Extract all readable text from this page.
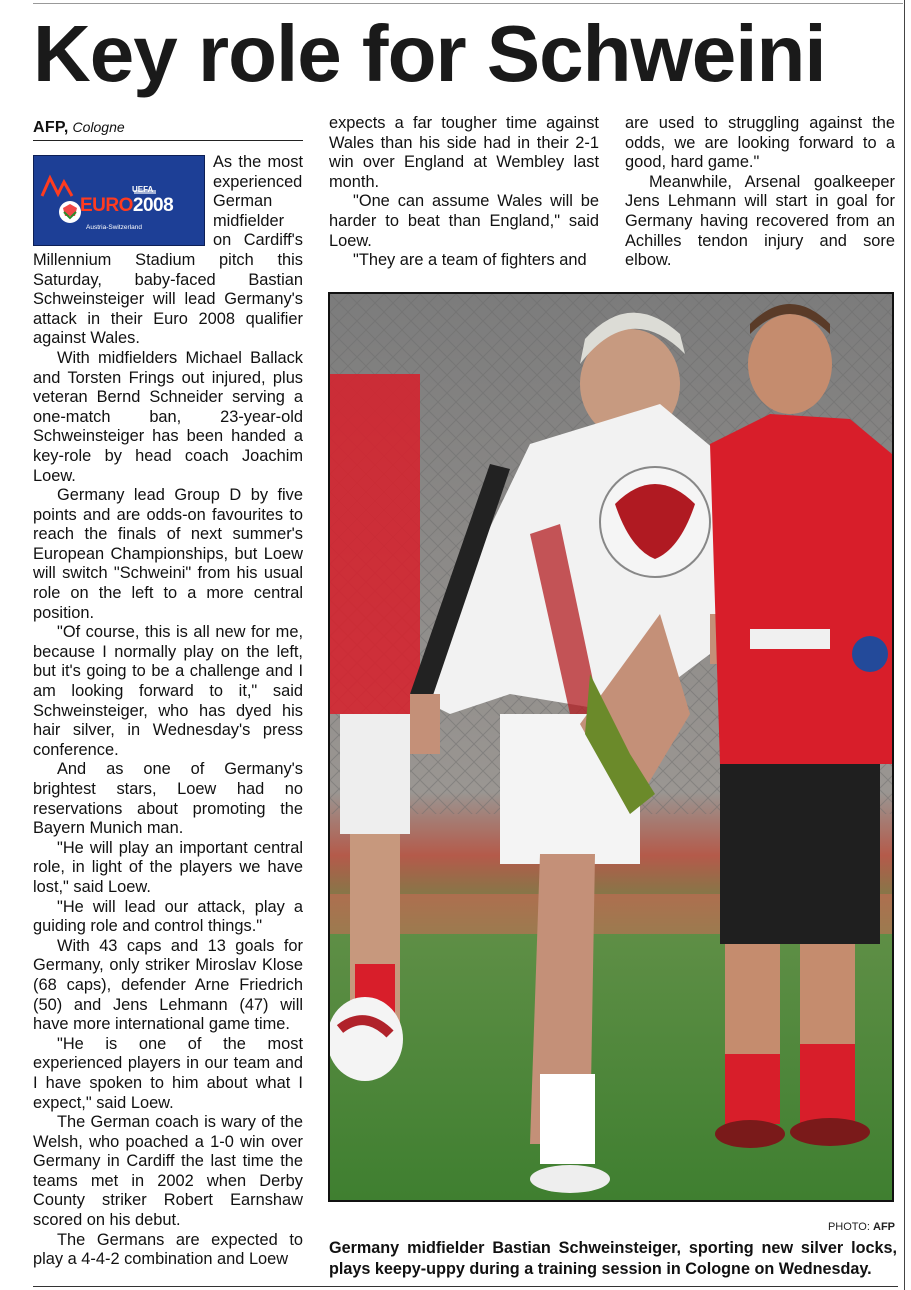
Key role for Schweini
AFP, Cologne
UEFA
EURO2008
Austria-Switzerland

As the most experienced German midfielder on Cardiff's Millennium Stadium pitch this Saturday, baby-faced Bastian Schweinsteiger will lead Germany's attack in their Euro 2008 qualifier against Wales.

With midfielders Michael Ballack and Torsten Frings out injured, plus veteran Bernd Schneider serving a one-match ban, 23-year-old Schweinsteiger has been handed a key-role by head coach Joachim Loew.

Germany lead Group D by five points and are odds-on favourites to reach the finals of next summer's European Championships, but Loew will switch "Schweini" from his usual role on the left to a more central position.

"Of course, this is all new for me, because I normally play on the left, but it's going to be a challenge and I am looking forward to it," said Schweinsteiger, who has dyed his hair silver, in Wednesday's press conference.

And as one of Germany's brightest stars, Loew had no reservations about promoting the Bayern Munich man.

"He will play an important central role, in light of the players we have lost," said Loew.

"He will lead our attack, play a guiding role and control things."

With 43 caps and 13 goals for Germany, only striker Miroslav Klose (68 caps), defender Arne Friedrich (50) and Jens Lehmann (47) will have more international game time.

"He is one of the most experienced players in our team and I have spoken to him about what I expect," said Loew.

The German coach is wary of the Welsh, who poached a 1-0 win over Germany in Cardiff the last time the teams met in 2002 when Derby County striker Robert Earnshaw scored on his debut.

The Germans are expected to play a 4-4-2 combination and Loew

expects a far tougher time against Wales than his side had in their 2-1 win over England at Wembley last month.

"One can assume Wales will be harder to beat than England," said Loew.

"They are a team of fighters and

are used to struggling against the odds, we are looking forward to a good, hard game."

Meanwhile, Arsenal goalkeeper Jens Lehmann will start in goal for Germany having recovered from an Achilles tendon injury and sore elbow.

PHOTO: AFP
Germany midfielder Bastian Schweinsteiger, sporting new silver locks, plays keepy-uppy during a training session in Cologne on Wednesday.
